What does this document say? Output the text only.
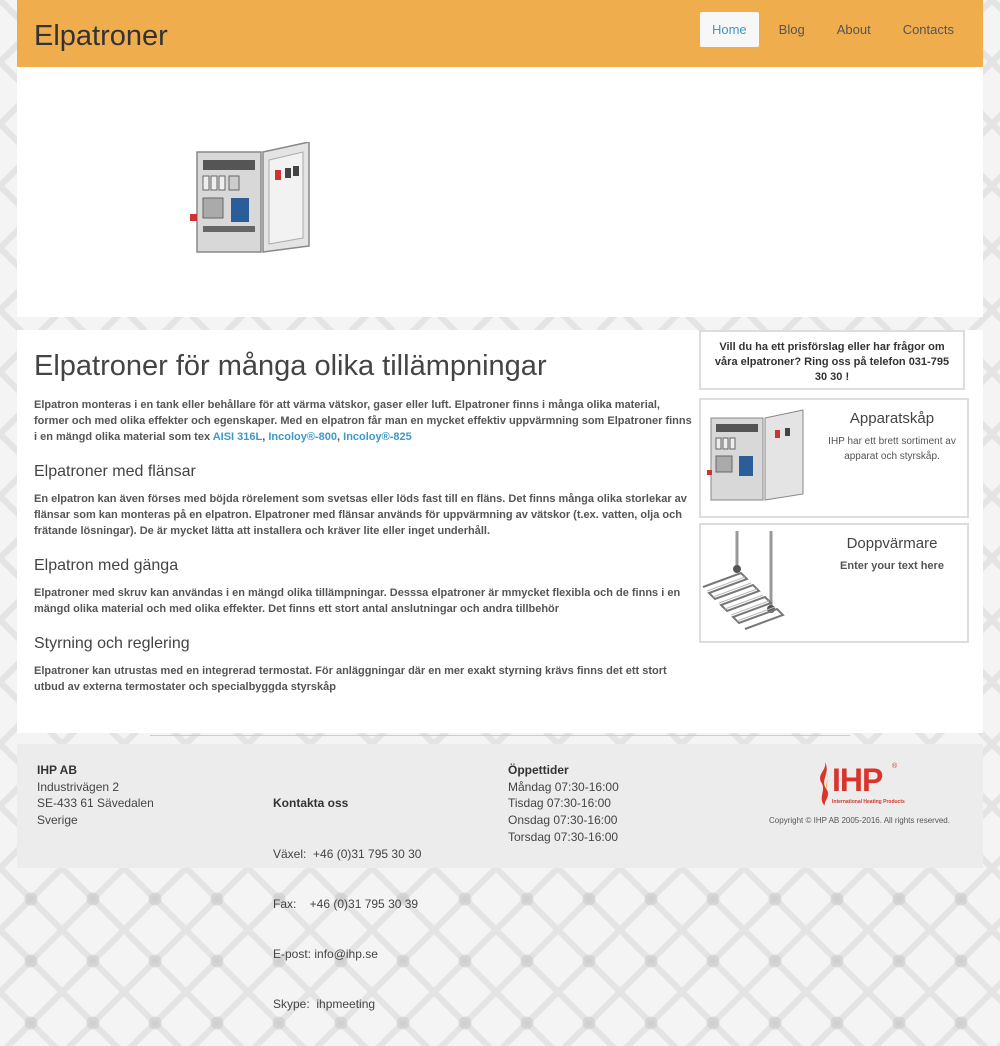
Elpatroner	Home	Blog	About	Contacts
Elpatroner för många olika tillämpningar

Elpatron monteras i en tank eller behållare för att värma vätskor, gaser eller luft. Elpatroner finns i många olika material, former och med olika effekter och egenskaper. Med en elpatron får man en mycket effektiv uppvärmning som Elpatroner finns i en mängd olika material som tex AISI 316L, Incoloy®-800, Incoloy®-825

Elpatroner med flänsar

En elpatron kan även förses med böjda rörelement som svetsas eller löds fast till en fläns. Det finns många olika storlekar av flänsar som kan monteras på en elpatron. Elpatroner med flänsar används för uppvärmning av vätskor (t.ex. vatten, olja och frätande lösningar). De är mycket lätta att installera och kräver lite eller inget underhåll.

Elpatron med gänga

Elpatroner med skruv kan användas i en mängd olika tillämpningar. Desssa elpatroner är mmycket flexibla och de finns i en mängd olika material och med olika effekter. Det finns ett stort antal anslutningar och andra tillbehör

Styrning och reglering

Elpatroner kan utrustas med en integrerad termostat. För anläggningar där en mer exakt styrning krävs finns det ett stort utbud av externa termostater och specialbyggda styrskåp

Vill du ha ett prisförslag eller har frågor om våra elpatroner? Ring oss på telefon 031-795 30 30 !
Apparatskåp
IHP har ett brett sortiment av apparat och styrskåp.
Doppvärmare
Enter your text here
IHP AB
Industrivägen 2
SE-433 61 Sävedalen
Sverige

Kontakta oss

Växel:  +46 (0)31 795 30 30

Fax:    +46 (0)31 795 30 39

E-post: info@ihp.se

Skype:  ihpmeeting

Öppettider
Måndag 07:30-16:00
Tisdag 07:30-16:00
Onsdag 07:30-16:00
Torsdag 07:30-16:00
IHP ®
International Heating Products
Copyright © IHP AB 2005-2016. All rights reserved.
